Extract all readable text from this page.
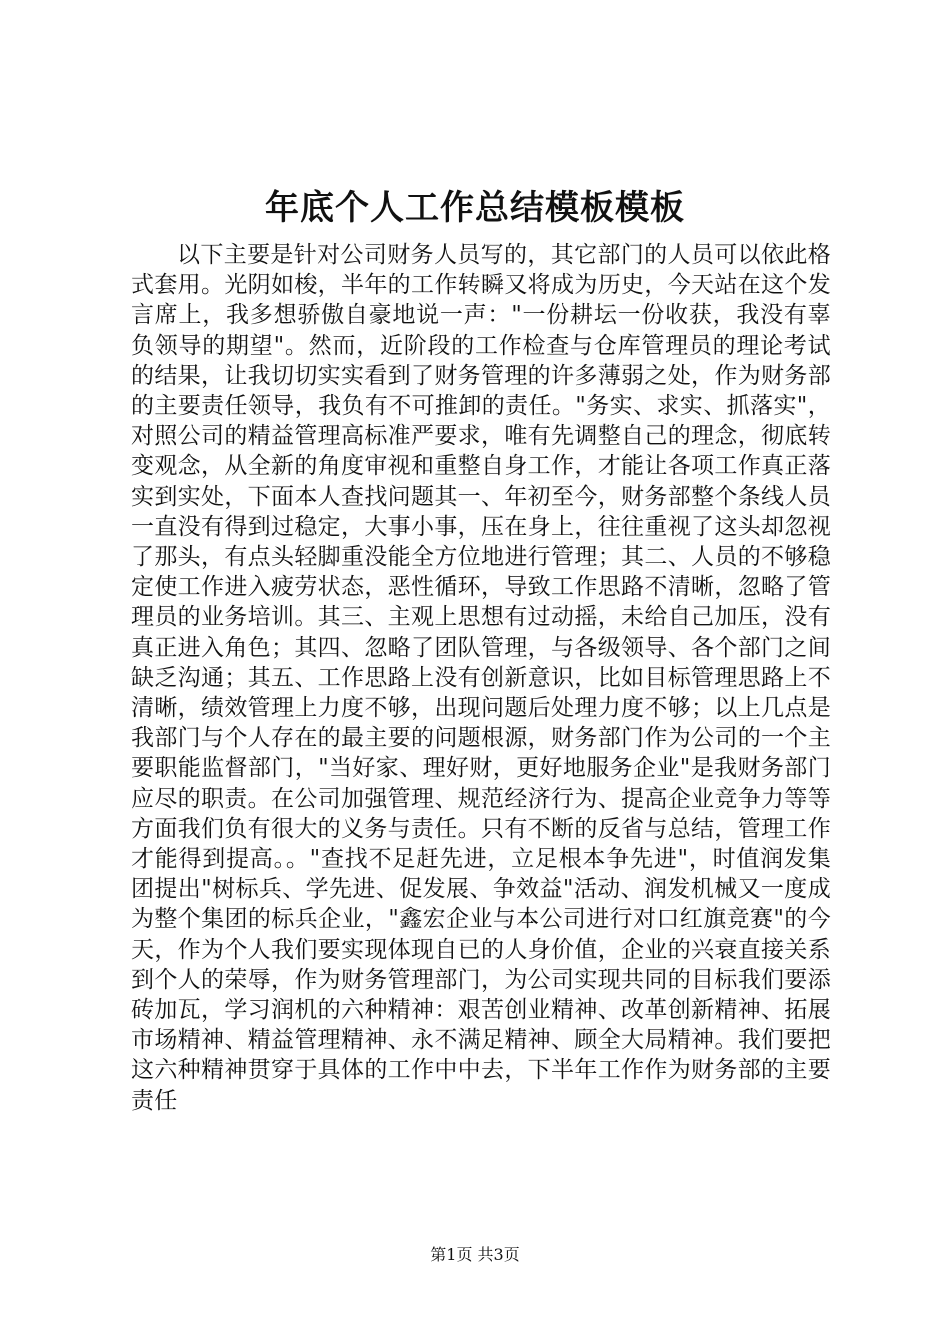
年底个人工作总结模板模板

以下主要是针对公司财务人员写的，其它部门的人员可以依此格式套用。光阴如梭，半年的工作转瞬又将成为历史，今天站在这个发言席上，我多想骄傲自豪地说一声："一份耕坛一份收获，我没有辜负领导的期望"。然而，近阶段的工作检查与仓库管理员的理论考试的结果，让我切切实实看到了财务管理的许多薄弱之处，作为财务部的主要责任领导，我负有不可推卸的责任。"务实、求实、抓落实"，对照公司的精益管理高标准严要求，唯有先调整自己的理念，彻底转变观念，从全新的角度审视和重整自身工作，才能让各项工作真正落实到实处，下面本人查找问题其一、年初至今，财务部整个条线人员一直没有得到过稳定，大事小事，压在身上，往往重视了这头却忽视了那头，有点头轻脚重没能全方位地进行管理；其二、人员的不够稳定使工作进入疲劳状态，恶性循环，导致工作思路不清晰，忽略了管理员的业务培训。其三、主观上思想有过动摇，未给自己加压，没有真正进入角色；其四、忽略了团队管理，与各级领导、各个部门之间缺乏沟通；其五、工作思路上没有创新意识，比如目标管理思路上不清晰，绩效管理上力度不够，出现问题后处理力度不够；以上几点是我部门与个人存在的最主要的问题根源，财务部门作为公司的一个主要职能监督部门，"当好家、理好财，更好地服务企业"是我财务部门应尽的职责。在公司加强管理、规范经济行为、提高企业竞争力等等方面我们负有很大的义务与责任。只有不断的反省与总结，管理工作才能得到提高。。"查找不足赶先进，立足根本争先进"，时值润发集团提出"树标兵、学先进、促发展、争效益"活动、润发机械又一度成为整个集团的标兵企业，"鑫宏企业与本公司进行对口红旗竞赛"的今天，作为个人我们要实现体现自已的人身价值，企业的兴衰直接关系到个人的荣辱，作为财务管理部门，为公司实现共同的目标我们要添砖加瓦，学习润机的六种精神：艰苦创业精神、改革创新精神、拓展市场精神、精益管理精神、永不满足精神、顾全大局精神。我们要把这六种精神贯穿于具体的工作中中去，下半年工作作为财务部的主要责任

第1页 共3页
